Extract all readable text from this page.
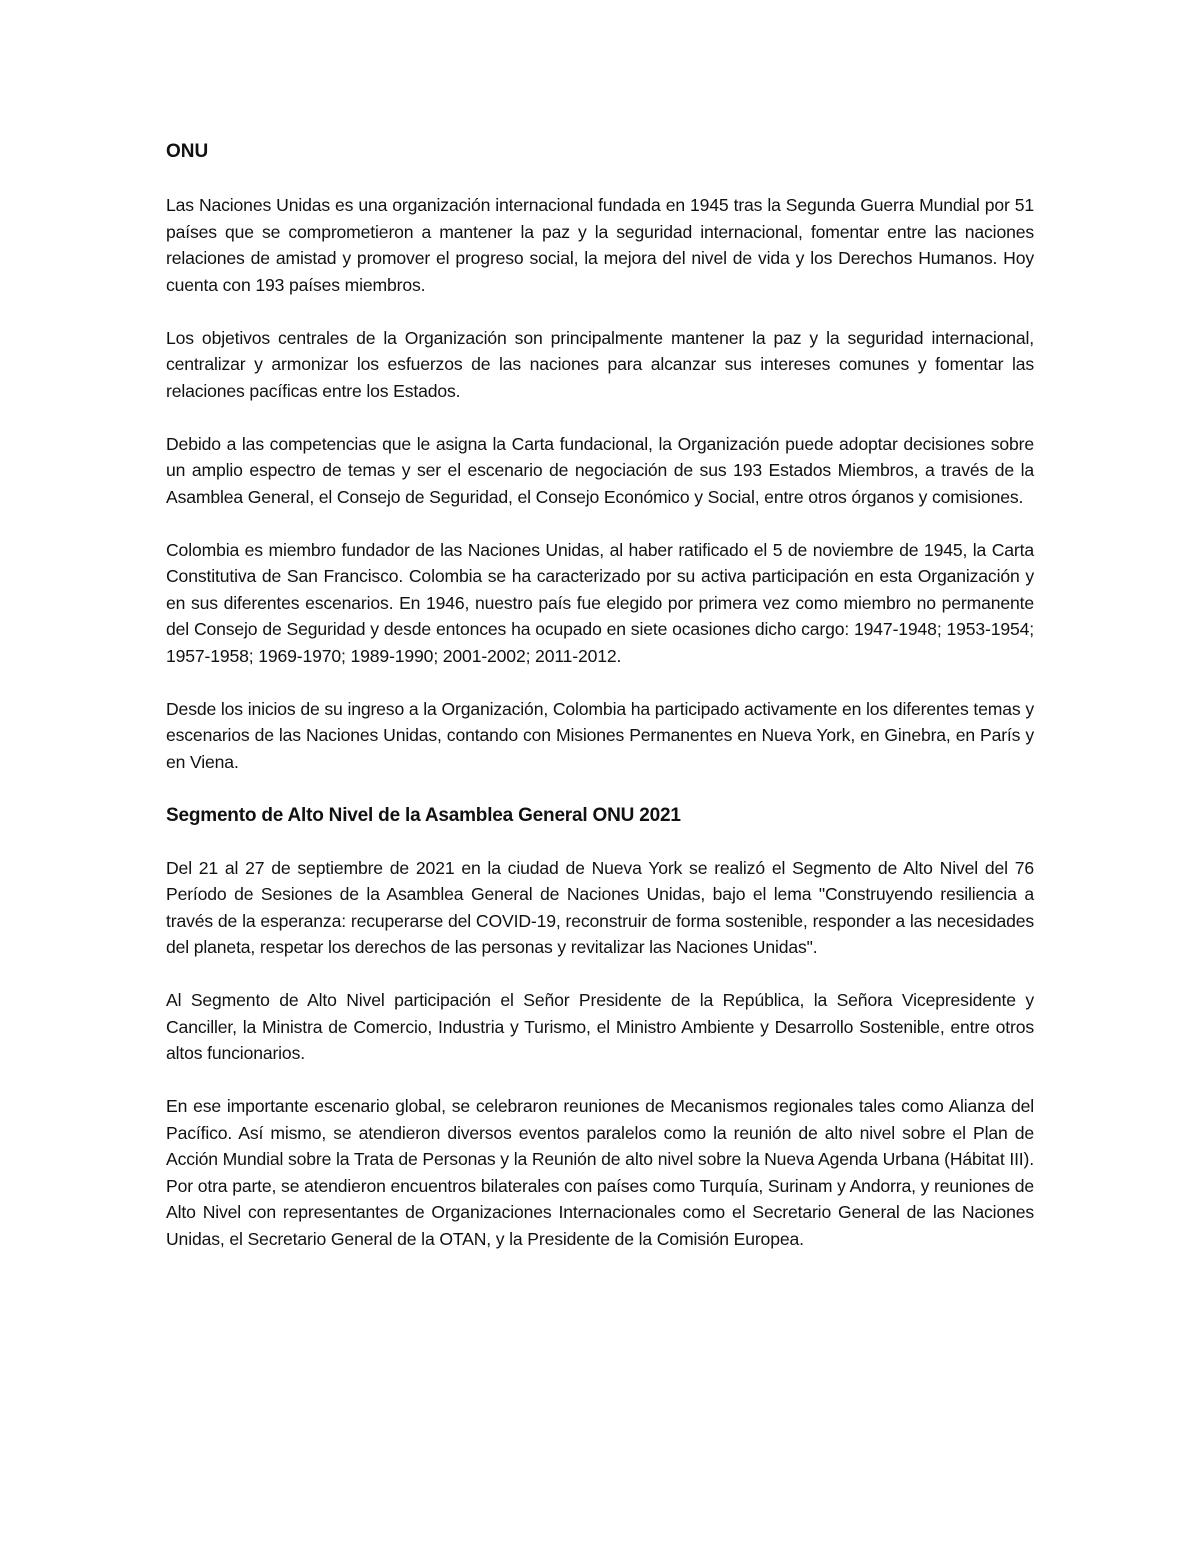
ONU

Las Naciones Unidas es una organización internacional fundada en 1945 tras la Segunda Guerra Mundial por 51 países que se comprometieron a mantener la paz y la seguridad internacional, fomentar entre las naciones relaciones de amistad y promover el progreso social, la mejora del nivel de vida y los Derechos Humanos. Hoy cuenta con 193 países miembros.

Los objetivos centrales de la Organización son principalmente mantener la paz y la seguridad internacional, centralizar y armonizar los esfuerzos de las naciones para alcanzar sus intereses comunes y fomentar las relaciones pacíficas entre los Estados.

Debido a las competencias que le asigna la Carta fundacional, la Organización puede adoptar decisiones sobre un amplio espectro de temas y ser el escenario de negociación de sus 193 Estados Miembros, a través de la Asamblea General, el Consejo de Seguridad, el Consejo Económico y Social, entre otros órganos y comisiones.

Colombia es miembro fundador de las Naciones Unidas, al haber ratificado el 5 de noviembre de 1945, la Carta Constitutiva de San Francisco. Colombia se ha caracterizado por su activa participación en esta Organización y en sus diferentes escenarios. En 1946, nuestro país fue elegido por primera vez como miembro no permanente del Consejo de Seguridad y desde entonces ha ocupado en siete ocasiones dicho cargo: 1947-1948; 1953-1954; 1957-1958; 1969-1970; 1989-1990; 2001-2002; 2011-2012.

Desde los inicios de su ingreso a la Organización, Colombia ha participado activamente en los diferentes temas y escenarios de las Naciones Unidas, contando con Misiones Permanentes en Nueva York, en Ginebra, en París y en Viena.

Segmento de Alto Nivel de la Asamblea General ONU 2021

Del 21 al 27 de septiembre de 2021 en la ciudad de Nueva York se realizó el Segmento de Alto Nivel del 76 Período de Sesiones de la Asamblea General de Naciones Unidas, bajo el lema "Construyendo resiliencia a través de la esperanza: recuperarse del COVID-19, reconstruir de forma sostenible, responder a las necesidades del planeta, respetar los derechos de las personas y revitalizar las Naciones Unidas".

Al Segmento de Alto Nivel participación el Señor Presidente de la República, la Señora Vicepresidente y Canciller, la Ministra de Comercio, Industria y Turismo, el Ministro Ambiente y Desarrollo Sostenible, entre otros altos funcionarios.

En ese importante escenario global, se celebraron reuniones de Mecanismos regionales tales como Alianza del Pacífico. Así mismo, se atendieron diversos eventos paralelos como la reunión de alto nivel sobre el Plan de Acción Mundial sobre la Trata de Personas y la Reunión de alto nivel sobre la Nueva Agenda Urbana (Hábitat III). Por otra parte, se atendieron encuentros bilaterales con países como Turquía, Surinam y Andorra, y reuniones de Alto Nivel con representantes de Organizaciones Internacionales como el Secretario General de las Naciones Unidas, el Secretario General de la OTAN, y la Presidente de la Comisión Europea.
